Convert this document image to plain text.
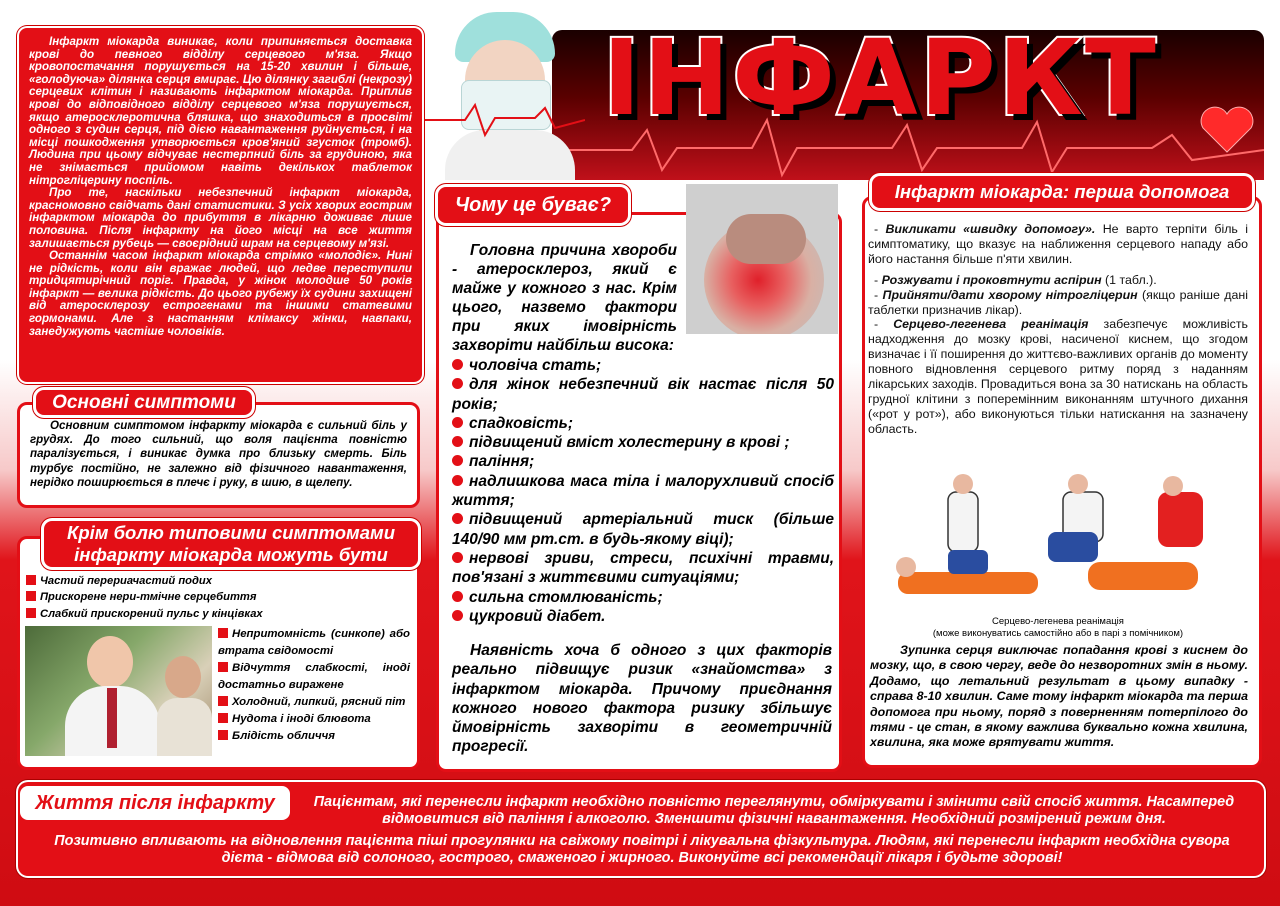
ІНФАРКТ

Інфаркт міокарда виникає, коли припиняється доставка крові до певного відділу серцевого м'яза. Якщо кровопостачання порушується на 15-20 хвилин і більше, «голодуюча» ділянка серця вмирає. Цю ділянку загиблі (некрозу) серцевих клітин і називають інфарктом міокарда. Приплив крові до відповідного відділу серцевого м'яза порушується, якщо атеросклеротична бляшка, що знаходиться в просвіті одного з судин серця, під дією навантаження руйнується, і на місці пошкодження утворюється кров'яний згусток (тромб). Людина при цьому відчуває нестерпний біль за грудиною, яка не знімається прийомом навіть декількох таблеток нітрогліцерину поспіль.

Про те, наскільки небезпечний інфаркт міокарда, красномовно свідчать дані статистики. З усіх хворих гострим інфарктом міокарда до прибуття в лікарню доживає лише половина. Після інфаркту на його місці на все життя залишається рубець — своєрідний шрам на серцевому м'язі.

Останнім часом інфаркт міокарда стрімко «молодіє». Нині не рідкість, коли він вражає людей, що ледве переступили тридцятирічний поріг. Правда, у жінок молодше 50 років інфаркт — велика рідкість. До цього рубежу їх судини захищені від атеросклерозу естрогенами та іншими статевими гормонами. Але з настанням клімаксу жінки, навпаки, занедужують частіше чоловіків.

Основним симптомом інфаркту міокарда є сильний біль у грудях. До того сильний, що воля пацієнта повністю паралізується, і виникає думка про близьку смерть. Біль турбує постійно, не залежно від фізичного навантаження, нерідко поширюється в плечє і руку, в шию, в щелепу.

Основні симптоми
Крім болю типовими симптомами інфаркту міокарда можуть бути
Частий перериачастий подих
Прискорене нери-тмічне серцебиття
Слабкий прискорений пульс у кінцівках
Непритомність (синкопе) або втрата свідомості
Відчуття слабкості, іноді достатньо виражене
Холодний, липкий, рясний піт
Нудота і іноді блювота
Блідість обличчя
Чому це буває?

Головна причина хвороби - атеросклероз, який є майже у кожного з нас. Крім цього, назвемо фактори при яких імовірність захворіти найбільш висока:

чоловіча стать;
для жінок небезпечний вік настає після 50 років;
спадковість;
підвищений вміст холестерину в крові ;
паління;
надлишкова маса тіла і малорухливий спосіб життя;
підвищений артеріальний тиск (більше 140/90 мм рт.ст. в будь-якому віці);
нервові зриви, стреси, психічні травми, пов'язані з життєвими ситуаціями;
сильна стомлюваність;
цукровий діабет.

Наявність хоча б одного з цих факторів реально підвищує ризик «знайомства» з інфарктом міокарда. Причому приєднання кожного нового фактора ризику збільшує ймовірність захворіти в геометричній прогресії.

Інфаркт міокарда: перша допомога
- Викликати «швидку допомогу». Не варто терпіти біль і симптоматику, що вказує на наближення серцевого нападу або його настання більше п'яти хвилин.
- Розжувати і проковтнути аспірин (1 табл.).
- Прийняти/дати хворому нітрогліцерин (якщо раніше дані таблетки призначив лікар).
- Серцево-легенева реанімація забезпечує можливість надходження до мозку крові, насиченої киснем, що згодом визначає і її поширення до життєво-важливих органів до моменту повного відновлення серцевого ритму поряд з наданням лікарських заходів. Провадиться вона за 30 натискань на область грудної клітини з поперемінним виконанням штучного дихання («рот у рот»), або виконуються тільки натискання на зазначену область.
Серцево-легенева реанімація
(може виконуватись самостійно або в парі з помічником)

Зупинка серця виключає попадання крові з киснем до мозку, що, в свою чергу, веде до незворотних змін в ньому. Додамо, що летальний результат в цьому випадку - справа 8-10 хвилин. Саме тому інфаркт міокарда та перша допомога при ньому, поряд з поверненням потерпілого до тями - це стан, в якому важлива буквально кожна хвилина, хвилина, яка може врятувати життя.

Життя після інфаркту	Пацієнтам, які перенесли інфаркт необхідно повністю переглянути, обміркувати і змінити свій спосіб життя. Насамперед відмовитися від паління і алкоголю. Зменшити фізичні навантаження. Необхідний розмірений режим дня.

Позитивно впливають на відновлення пацієнта піші прогулянки на свіжому повітрі і лікувальна фізкультура. Людям, які перенесли інфаркт необхідна сувора дієта - відмова від солоного, гострого, смаженого і жирного. Виконуйте всі рекомендації лікаря і будьте здорові!
